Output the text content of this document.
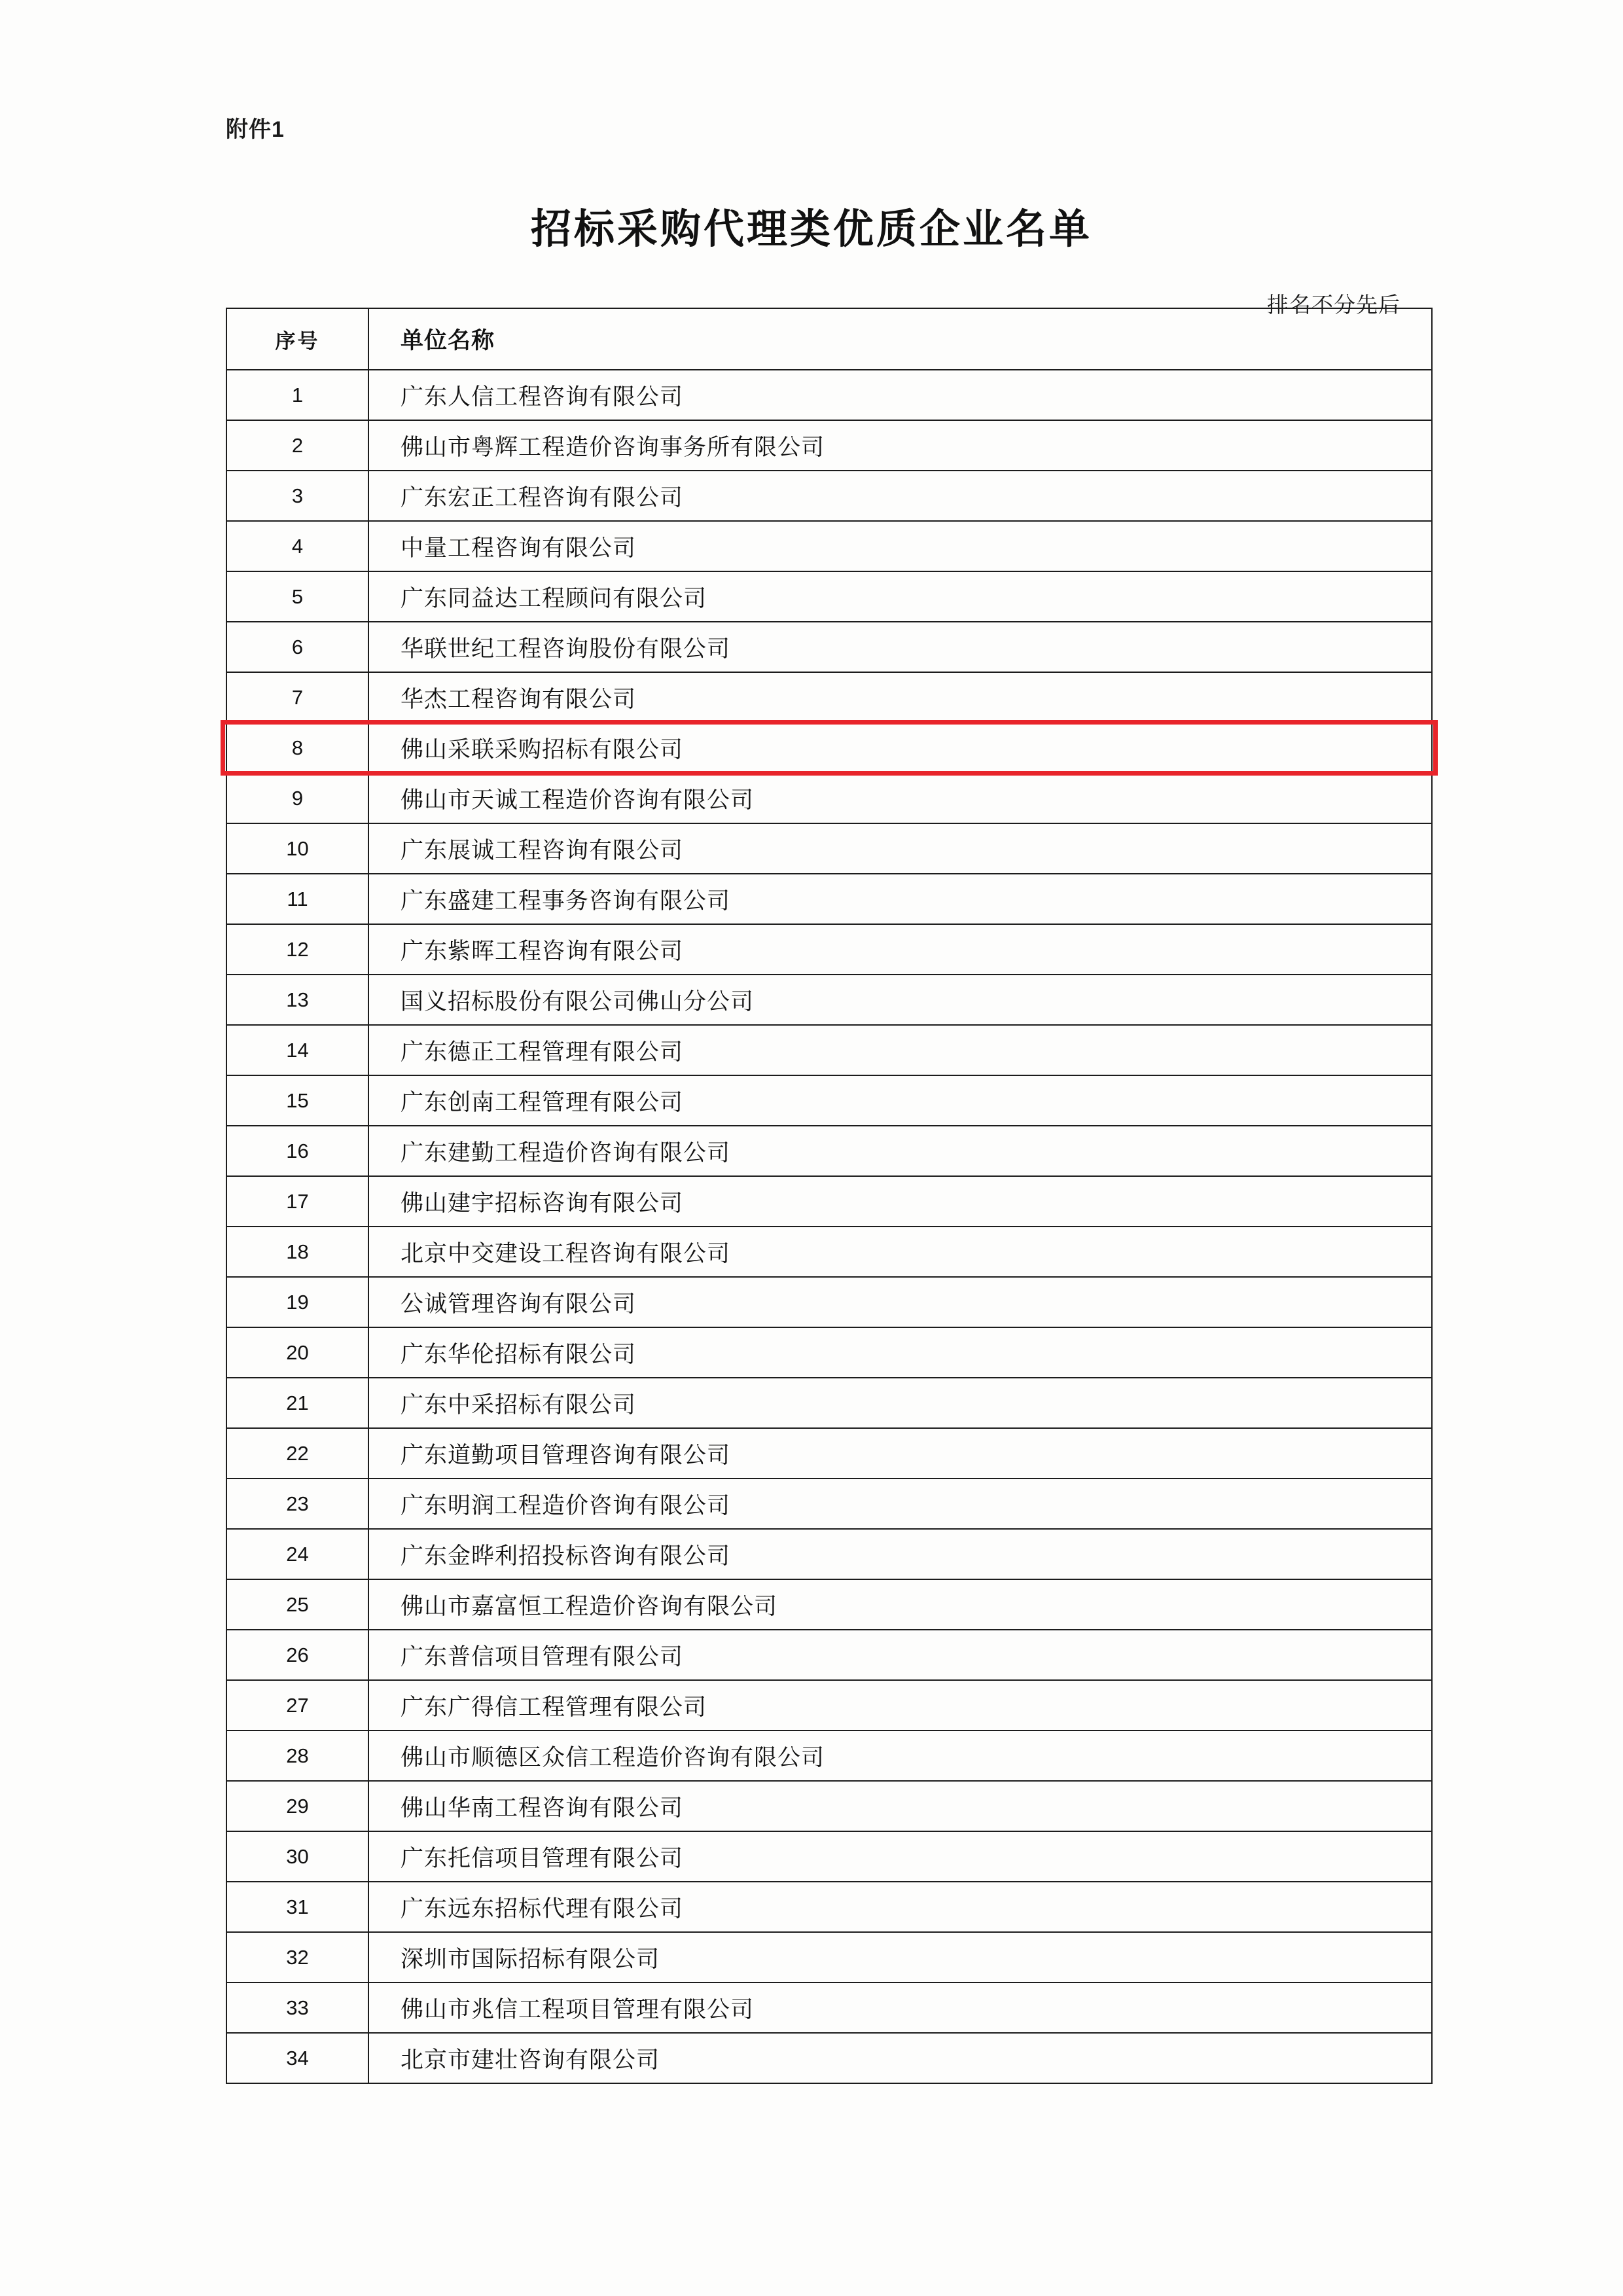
附件1
招标采购代理类优质企业名单
排名不分先后
序号	单位名称
1	广东人信工程咨询有限公司
2	佛山市粤辉工程造价咨询事务所有限公司
3	广东宏正工程咨询有限公司
4	中量工程咨询有限公司
5	广东同益达工程顾问有限公司
6	华联世纪工程咨询股份有限公司
7	华杰工程咨询有限公司
8	佛山采联采购招标有限公司
9	佛山市天诚工程造价咨询有限公司
10	广东展诚工程咨询有限公司
11	广东盛建工程事务咨询有限公司
12	广东紫晖工程咨询有限公司
13	国义招标股份有限公司佛山分公司
14	广东德正工程管理有限公司
15	广东创南工程管理有限公司
16	广东建勤工程造价咨询有限公司
17	佛山建宇招标咨询有限公司
18	北京中交建设工程咨询有限公司
19	公诚管理咨询有限公司
20	广东华伦招标有限公司
21	广东中采招标有限公司
22	广东道勤项目管理咨询有限公司
23	广东明润工程造价咨询有限公司
24	广东金晔利招投标咨询有限公司
25	佛山市嘉富恒工程造价咨询有限公司
26	广东普信项目管理有限公司
27	广东广得信工程管理有限公司
28	佛山市顺德区众信工程造价咨询有限公司
29	佛山华南工程咨询有限公司
30	广东托信项目管理有限公司
31	广东远东招标代理有限公司
32	深圳市国际招标有限公司
33	佛山市兆信工程项目管理有限公司
34	北京市建壮咨询有限公司
